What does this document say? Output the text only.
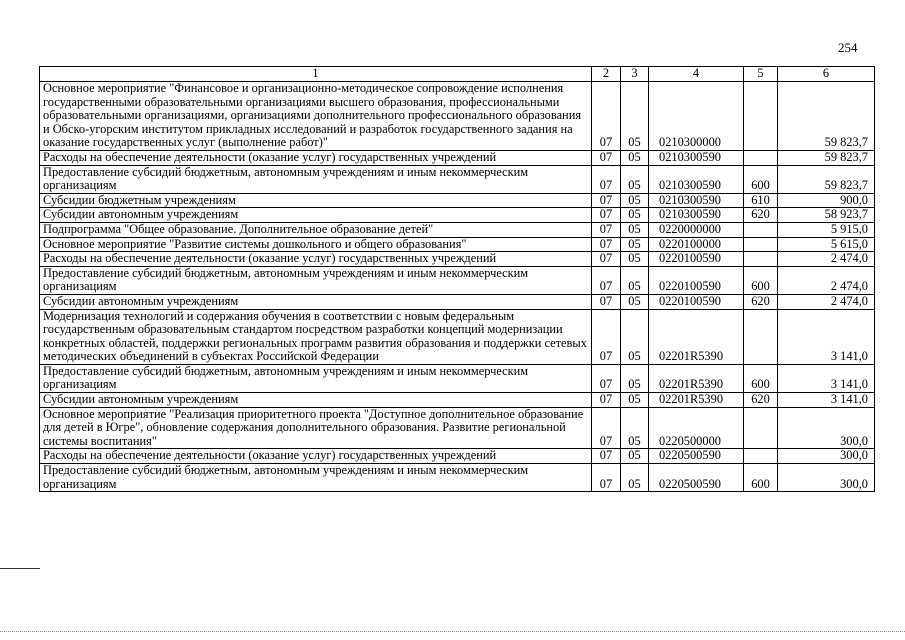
254
1	2	3	4	5	6
Основное мероприятие "Финансовое и организационно-методическое сопровождение исполнения государственными образовательными организациями высшего образования, профессиональными образовательными организациями, организациями дополнительного профессионального образования и Обско-угорским институтом прикладных исследований и разработок государственного задания на оказание государственных услуг (выполнение работ)"	07	05	0210300000		59 823,7
Расходы на обеспечение деятельности (оказание услуг) государственных учреждений	07	05	0210300590		59 823,7
Предоставление субсидий бюджетным, автономным учреждениям и иным некоммерческим организациям	07	05	0210300590	600	59 823,7
Субсидии бюджетным учреждениям	07	05	0210300590	610	900,0
Субсидии автономным учреждениям	07	05	0210300590	620	58 923,7
Подпрограмма "Общее образование. Дополнительное образование детей"	07	05	0220000000		5 915,0
Основное мероприятие "Развитие системы дошкольного и общего образования"	07	05	0220100000		5 615,0
Расходы на обеспечение деятельности (оказание услуг) государственных учреждений	07	05	0220100590		2 474,0
Предоставление субсидий бюджетным, автономным учреждениям и иным некоммерческим организациям	07	05	0220100590	600	2 474,0
Субсидии автономным учреждениям	07	05	0220100590	620	2 474,0
Модернизация технологий и содержания обучения в соответствии с новым федеральным государственным образовательным стандартом посредством разработки концепций модернизации конкретных областей, поддержки региональных программ развития образования и поддержки сетевых методических объединений в субъектах Российской Федерации	07	05	02201R5390		3 141,0
Предоставление субсидий бюджетным, автономным учреждениям и иным некоммерческим организациям	07	05	02201R5390	600	3 141,0
Субсидии автономным учреждениям	07	05	02201R5390	620	3 141,0
Основное мероприятие "Реализация приоритетного проекта "Доступное дополнительное образование для детей в Югре", обновление содержания дополнительного образования. Развитие региональной системы воспитания"	07	05	0220500000		300,0
Расходы на обеспечение деятельности (оказание услуг) государственных учреждений	07	05	0220500590		300,0
Предоставление субсидий бюджетным, автономным учреждениям и иным некоммерческим организациям	07	05	0220500590	600	300,0
